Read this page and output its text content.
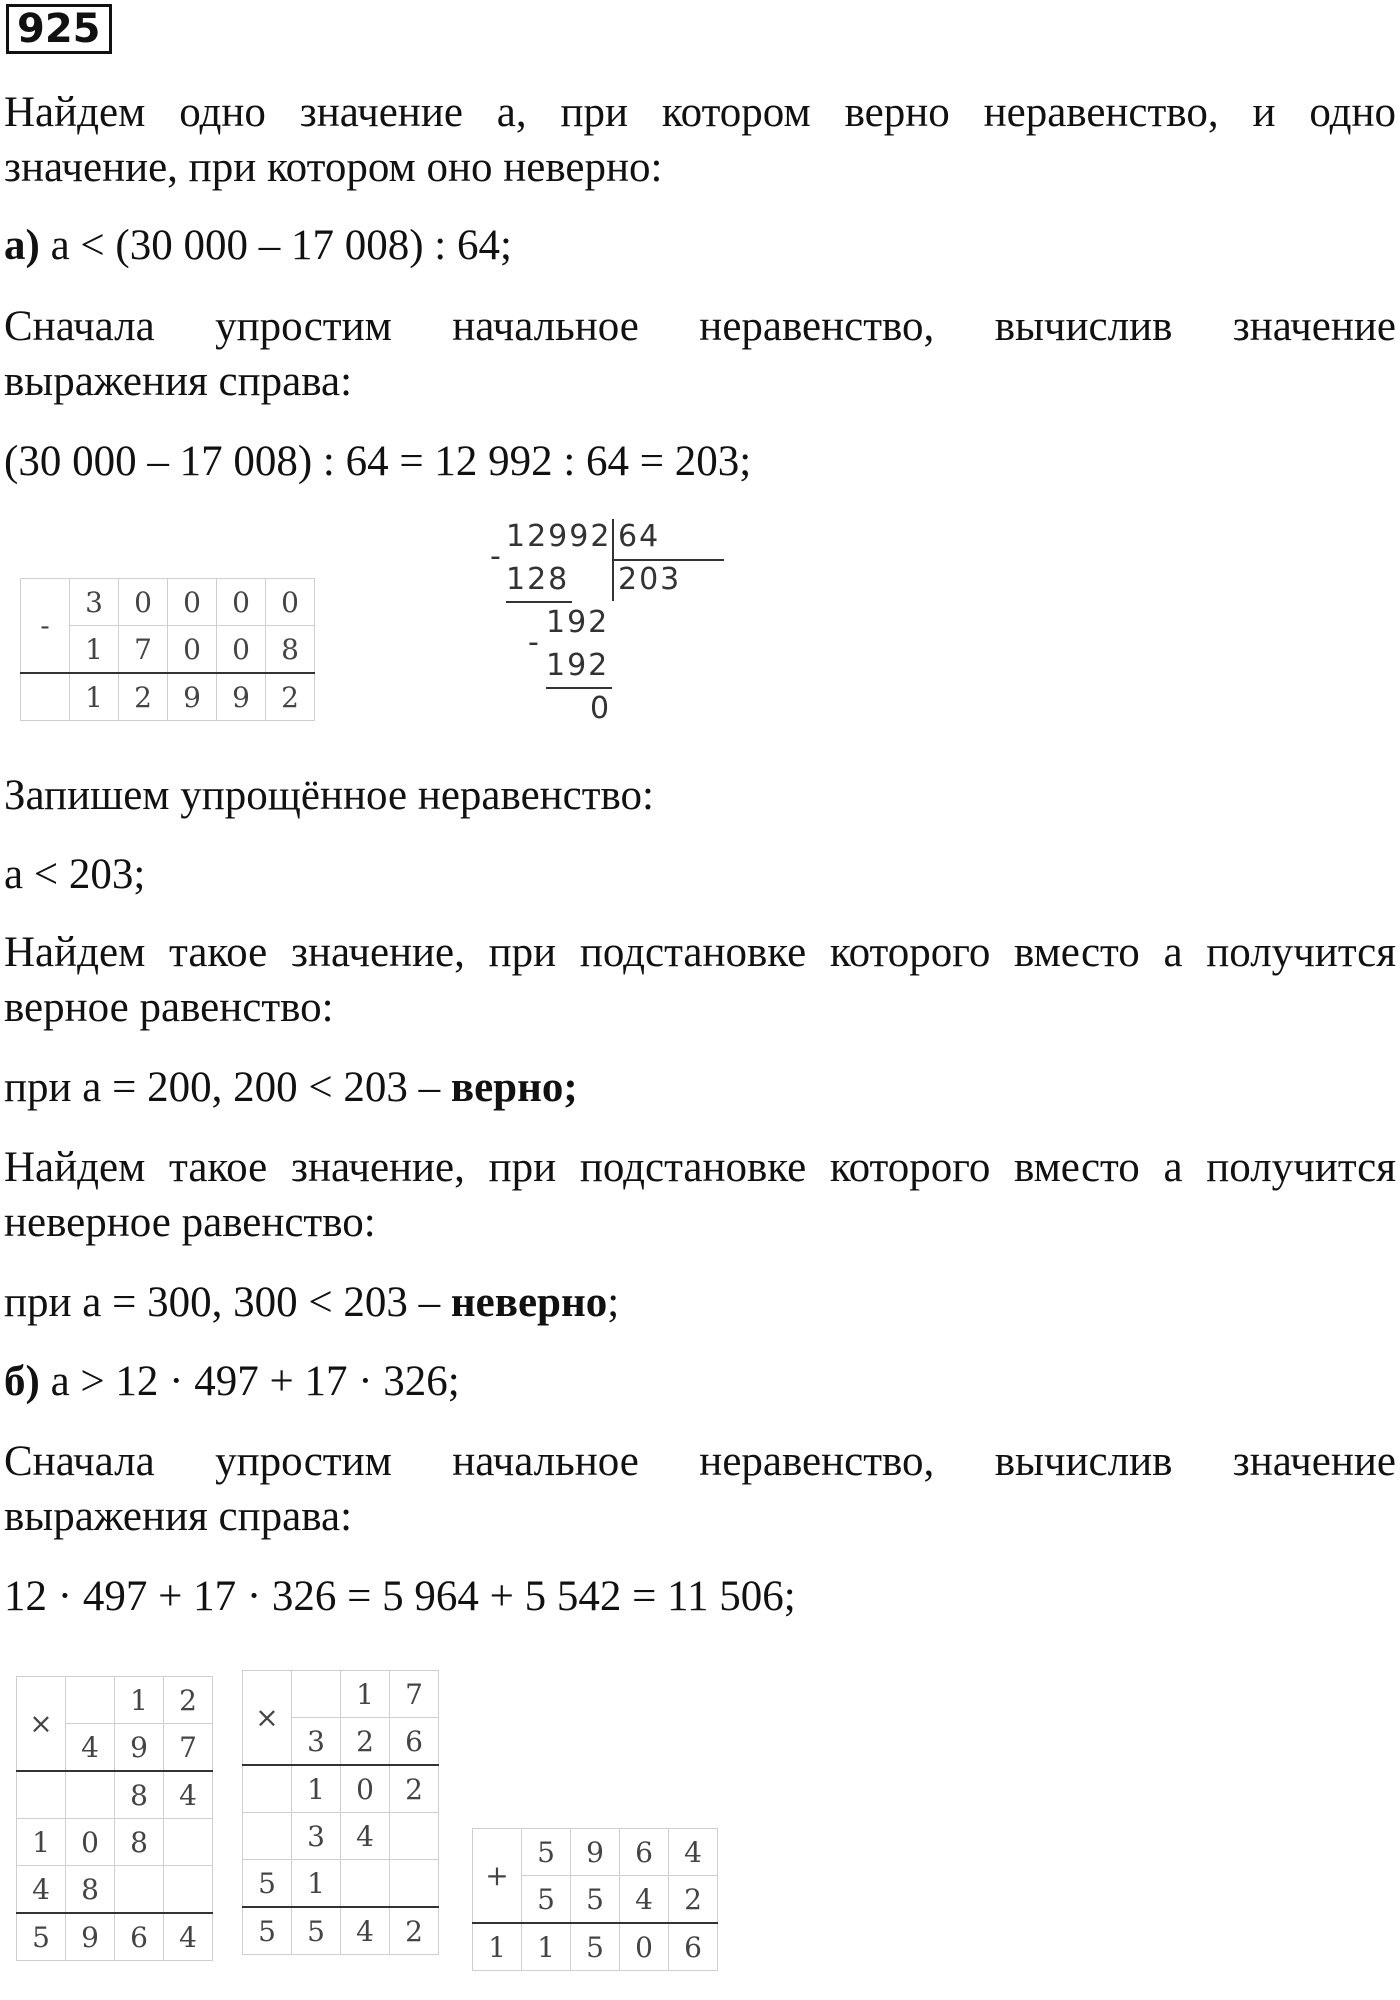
925
Найдем одно значение а, при котором верно неравенство, и одно
значение, при котором оно неверно:
а) a < (30 000 – 17 008) : 64;
Сначала упростим начальное неравенство, вычислив значение
выражения справа:
(30 000 – 17 008) : 64 = 12 992 : 64 = 203;
-	3	0	0	0	0
	1	7	0	0	8
	1	2	9	9	2
12992 64
203
-
128
192
-
192
0
Запишем упрощённое неравенство:
a < 203;
Найдем такое значение, при подстановке которого вместо а получится
верное равенство:
при a = 200, 200 < 203 – верно;
Найдем такое значение, при подстановке которого вместо а получится
неверное равенство:
при a = 300, 300 < 203 – неверно;
б) a > 12 · 497 + 17 · 326;
Сначала упростим начальное неравенство, вычислив значение
выражения справа:
12 · 497 + 17 · 326 = 5 964 + 5 542 = 11 506;
×		1	2
	4	9	7
		8	4
1	0	8	
4	8		
5	9	6	4
×		1	7
	3	2	6
	1	0	2
	3	4	
5	1		
5	5	4	2
+	5	9	6	4
	5	5	4	2
1	1	5	0	6
